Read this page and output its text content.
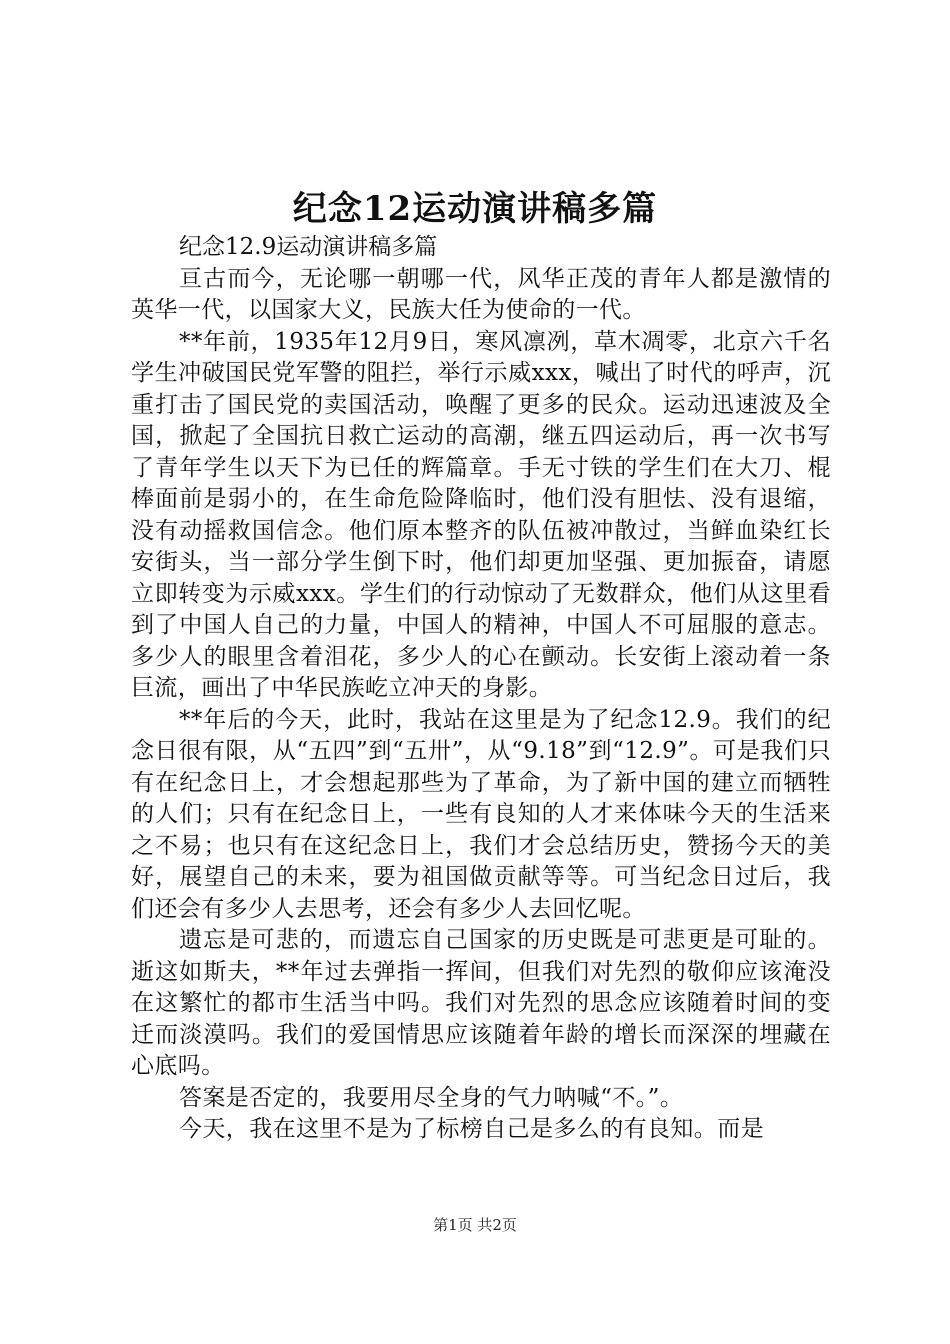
纪念12运动演讲稿多篇

纪念12.9运动演讲稿多篇

亘古而今，无论哪一朝哪一代，风华正茂的青年人都是激情的英华一代，以国家大义，民族大任为使命的一代。

**年前，1935年12月9日，寒风凛冽，草木凋零，北京六千名学生冲破国民党军警的阻拦，举行示威xxx，喊出了时代的呼声，沉重打击了国民党的卖国活动，唤醒了更多的民众。运动迅速波及全国，掀起了全国抗日救亡运动的高潮，继五四运动后，再一次书写了青年学生以天下为已任的辉篇章。手无寸铁的学生们在大刀、棍棒面前是弱小的，在生命危险降临时，他们没有胆怯、没有退缩，没有动摇救国信念。他们原本整齐的队伍被冲散过，当鲜血染红长安街头，当一部分学生倒下时，他们却更加坚强、更加振奋，请愿立即转变为示威xxx。学生们的行动惊动了无数群众，他们从这里看到了中国人自己的力量，中国人的精神，中国人不可屈服的意志。多少人的眼里含着泪花，多少人的心在颤动。长安街上滚动着一条巨流，画出了中华民族屹立冲天的身影。

**年后的今天，此时，我站在这里是为了纪念12.9。我们的纪念日很有限，从“五四”到“五卅”，从“9.18”到“12.9”。可是我们只有在纪念日上，才会想起那些为了革命，为了新中国的建立而牺牲的人们；只有在纪念日上，一些有良知的人才来体味今天的生活来之不易；也只有在这纪念日上，我们才会总结历史，赞扬今天的美好，展望自己的未来，要为祖国做贡献等等。可当纪念日过后，我们还会有多少人去思考，还会有多少人去回忆呢。

遗忘是可悲的，而遗忘自己国家的历史既是可悲更是可耻的。逝这如斯夫，**年过去弹指一挥间，但我们对先烈的敬仰应该淹没在这繁忙的都市生活当中吗。我们对先烈的思念应该随着时间的变迁而淡漠吗。我们的爱国情思应该随着年龄的增长而深深的埋藏在心底吗。

答案是否定的，我要用尽全身的气力呐喊“不。”。

今天，我在这里不是为了标榜自己是多么的有良知。而是

第1页 共2页
